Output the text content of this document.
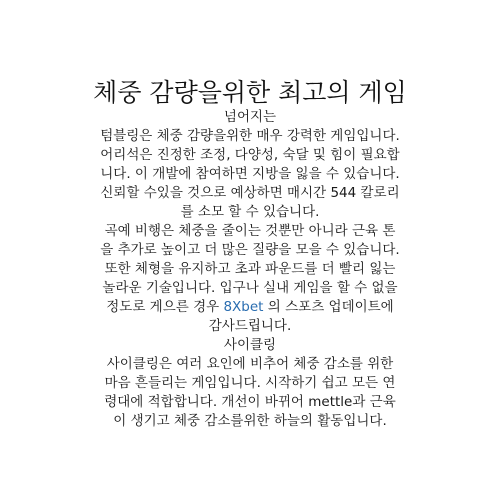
체중 감량을위한 최고의 게임
넘어지는

텀블링은 체중 감량을위한 매우 강력한 게임입니다. 어리석은 진정한 조정, 다양성, 숙달 및 힘이 필요합니다. 이 개발에 참여하면 지방을 잃을 수 있습니다. 신뢰할 수있을 것으로 예상하면 매시간 544 칼로리를 소모 할 수 있습니다.

곡예 비행은 체중을 줄이는 것뿐만 아니라 근육 톤을 추가로 높이고 더 많은 질량을 모을 수 있습니다. 또한 체형을 유지하고 초과 파운드를 더 빨리 잃는 놀라운 기술입니다. 입구나 실내 게임을 할 수 없을 정도로 게으른 경우 8Xbet 의 스포츠 업데이트에 감사드립니다.

사이클링

사이클링은 여러 요인에 비추어 체중 감소를 위한 마음 흔들리는 게임입니다. 시작하기 쉽고 모든 연령대에 적합합니다. 개선이 바뀌어 mettle과 근육이 생기고 체중 감소를위한 하늘의 활동입니다.
